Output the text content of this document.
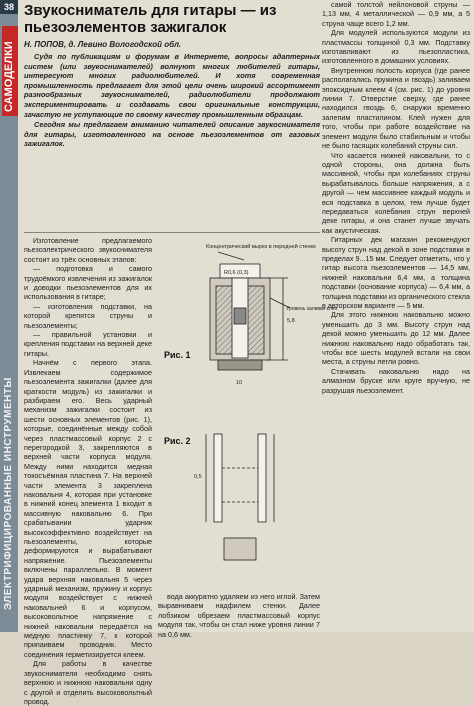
38
САМОДЕЛКИ
ЭЛЕКТРИФИЦИРОВАННЫЕ ИНСТРУМЕНТЫ
Звукосниматель для гитары — из пьезоэлементов зажигалок
Н. ПОПОВ, д. Левино Вологодской обл.

Судя по публикациям и форумам в Интернете, вопросы адаптерных систем (или звукоснимателей) волнуют многих любителей гитары, интересуют многих радиолюбителей. И хотя современная промышленность предлагает для этой цели очень широкий ассортимент разнообразных звукоснимателей, радиолюбители продолжают экспериментировать и создавать свои оригинальные конструкции, зачастую не уступающие по своему качеству промышленным образцам.

Сегодня мы предлагаем вниманию читателей описание звукоснимателя для гитары, изготовленного на основе пьезоэлементов от газовых зажигалок.

Изготовление предлагаемого пьезоэлектрического звукоснимателя состоит из трёх основных этапов:

— подготовка и самого трудоёмкого извлечения из зажигалок и доводки пьезоэлементов для их использования в гитаре;

— изготовления подставки, на которой крепятся струны и пьезоэлементы;

— правильной установки и крепления подставки на верхней деке гитары.

Начнём с первого этапа. Извлекаем содержимое пьезоэлемента зажигалки (далее для краткости модуль) из зажигалки и разбираем его. Весь ударный механизм зажигалки состоит из шести основных элементов (рис. 1), которые, соединённые между собой через пластмассовый корпус 2 с перегородкой 3, закрепляются в верхней части корпуса модуля. Между ними находится медная токосъёмная пластина 7. На верхней части элемента 3 закреплена наковальня 4, которая при установке в нижний конец элемента 1 входит в массивную наковальню 6. При срабатывании ударник высокоэффективно воздействует на пьезоэлементы, которые деформируются и вырабатывают напряжение. Пьезоэлементы включены параллельно. В момент удара верхняя наковальня 5 через ударный механизм, пружину и корпус модуля воздействует с нижней наковальней 6 и корпусом, высоковольтное напряжение с нижней наковальни передаётся на медную пластинку 7, к которой припаиваем проводник. Место соединения герметизируется клеем.

Для работы в качестве звукоснимателя необходимо снять верхнюю и нижнюю наковальни одну с другой и отделить высоковольтный провод.

Концентрический вырез в передней стенке
R0,6 (0,3)
Уровень заливки клея
5,8
10
0,5
Рис. 1
Рис. 2

вода аккуратно удаляем из него иглой. Затем выравниваем надфилем стенки. Далее лобзиком обрезаем пластмассовый корпус модуля так, чтобы он стал ниже уровня линии 7 на 0,6 мм.

самой толстой нейлоновой струны — 1,13 мм, 4 металлической — 0,9 мм, а 5 струна чаще всего 1,2 мм.

Для модулей используются модули из пластмассы толщиной 0,3 мм. Подставку изготавливают из пьезопластика, изготовленного в домашних условиях.

Внутреннюю полость корпуса (где ранее располагались пружина и гвоздь) заливаем эпоксидным клеем 4 (см. рис. 1) до уровня линии 7. Отверстие сверху, где ранее находился гвоздь 6, снаружи временно залепим пластилином. Клей нужен для того, чтобы при работе воздействие на элемент модуля было стабильным и чтобы не было гасящих колебаний струны сил.

Что касается нижней наковальни, то с одной стороны, она должна быть массивной, чтобы при колебаниях струны вырабатывалось больше напряжения, а с другой — чем массивнее каждый модуль и вся подставка в целом, тем лучше будет передаваться колебания струн верхней деке гитары, и она станет лучше звучать как акустическая.

Гитарных дек магазин рекомендуют высоту струн над декой в зоне подставки в пределах 9...15 мм. Следует отметить, что у гитар высота пьезоэлементов — 14,5 мм, нижней наковальни 6,4 мм, а толщина подставки (основание корпуса) — 6,4 мм, а толщина подставки из органического стекла в авторском варианте — 5 мм.

Для этого нижнюю наковальню можно уменьшить до 3 мм. Высоту струн над декой можно уменьшить до 12 мм. Далее нижнюю наковальню надо обработать так, чтобы все шесть модулей встали на свои места, а струны легли ровно.

Стачивать наковальню надо на алмазном бруске или круге вручную, не разрушая пьезоэлемент.
